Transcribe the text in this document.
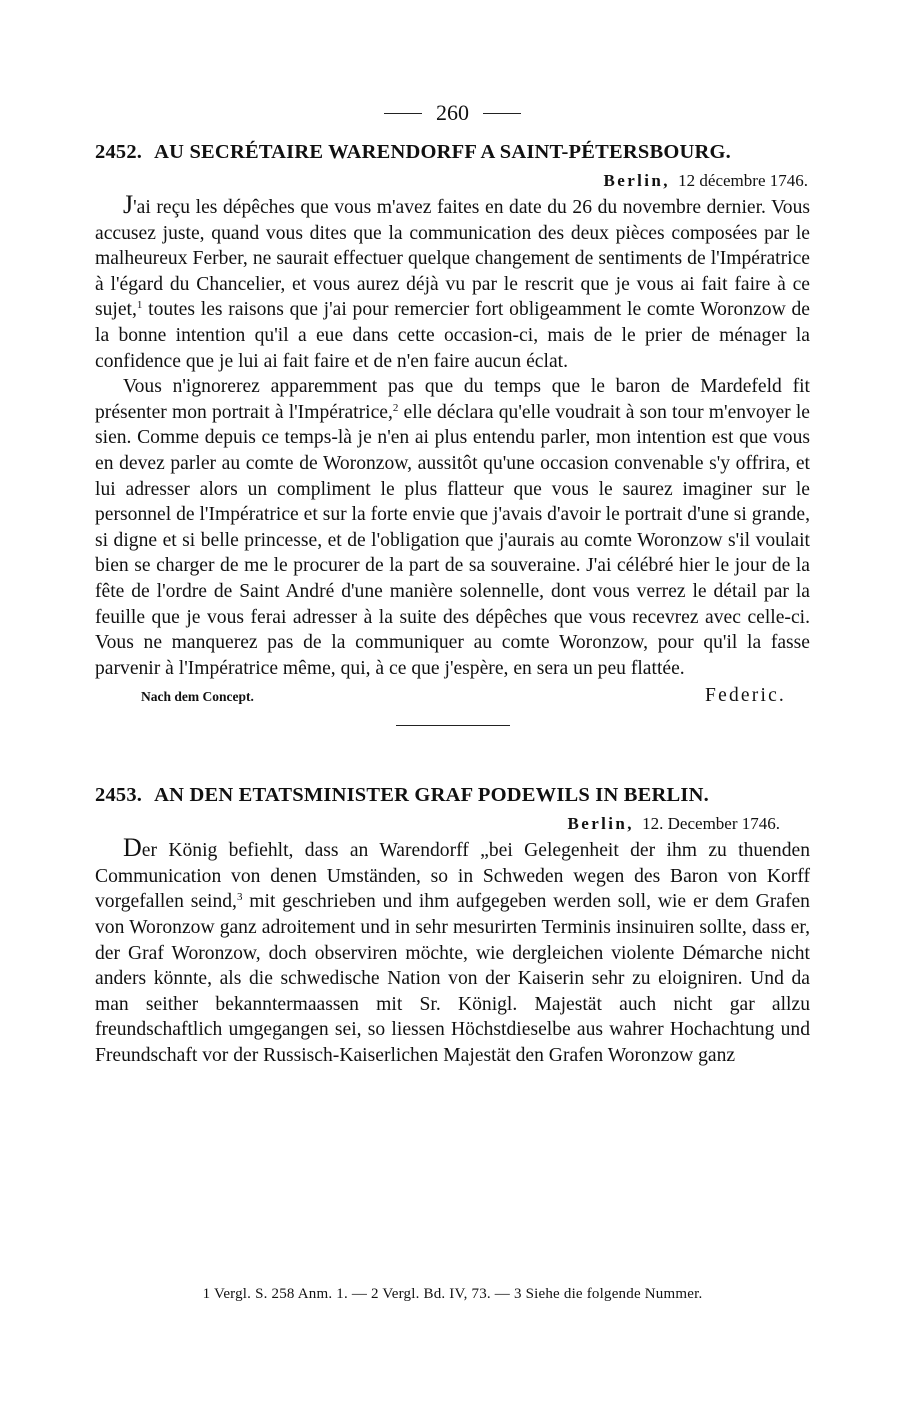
260
2452. AU SECRÉTAIRE WARENDORFF A SAINT-PÉTERSBOURG.
Berlin, 12 décembre 1746.

J'ai reçu les dépêches que vous m'avez faites en date du 26 du novembre dernier. Vous accusez juste, quand vous dites que la communication des deux pièces composées par le malheureux Ferber, ne saurait effectuer quelque changement de sentiments de l'Impératrice à l'égard du Chancelier, et vous aurez déjà vu par le rescrit que je vous ai fait faire à ce sujet,$^1$ toutes les raisons que j'ai pour remercier fort obligeamment le comte Woronzow de la bonne intention qu'il a eue dans cette occasion-ci, mais de le prier de ménager la confidence que je lui ai fait faire et de n'en faire aucun éclat.

Vous n'ignorerez apparemment pas que du temps que le baron de Mardefeld fit présenter mon portrait à l'Impératrice,$^2$ elle déclara qu'elle voudrait à son tour m'envoyer le sien. Comme depuis ce temps-là je n'en ai plus entendu parler, mon intention est que vous en devez parler au comte de Woronzow, aussitôt qu'une occasion convenable s'y offrira, et lui adresser alors un compliment le plus flatteur que vous le saurez imaginer sur le personnel de l'Impératrice et sur la forte envie que j'avais d'avoir le portrait d'une si grande, si digne et si belle princesse, et de l'obligation que j'aurais au comte Woronzow s'il voulait bien se charger de me le procurer de la part de sa souveraine. J'ai célébré hier le jour de la fête de l'ordre de Saint André d'une manière solennelle, dont vous verrez le détail par la feuille que je vous ferai adresser à la suite des dépêches que vous recevrez avec celle-ci. Vous ne manquerez pas de la communiquer au comte Woronzow, pour qu'il la fasse parvenir à l'Impératrice même, qui, à ce que j'espère, en sera un peu flattée.

Nach dem Concept.	Federic.
2453. AN DEN ETATSMINISTER GRAF PODEWILS IN BERLIN.
Berlin, 12. December 1746.

Der König befiehlt, dass an Warendorff „bei Gelegenheit der ihm zu thuenden Communication von denen Umständen, so in Schweden wegen des Baron von Korff vorgefallen seind,$^3$ mit geschrieben und ihm aufgegeben werden soll, wie er dem Grafen von Woronzow ganz adroitement und in sehr mesurirten Terminis insinuiren sollte, dass er, der Graf Woronzow, doch observiren möchte, wie dergleichen violente Démarche nicht anders könnte, als die schwedische Nation von der Kaiserin sehr zu eloigniren. Und da man seither bekanntermaassen mit Sr. Königl. Majestät auch nicht gar allzu freundschaftlich umgegangen sei, so liessen Höchstdieselbe aus wahrer Hochachtung und Freundschaft vor der Russisch-Kaiserlichen Majestät den Grafen Woronzow ganz

1 Vergl. S. 258 Anm. 1. — 2 Vergl. Bd. IV, 73. — 3 Siehe die folgende Nummer.
